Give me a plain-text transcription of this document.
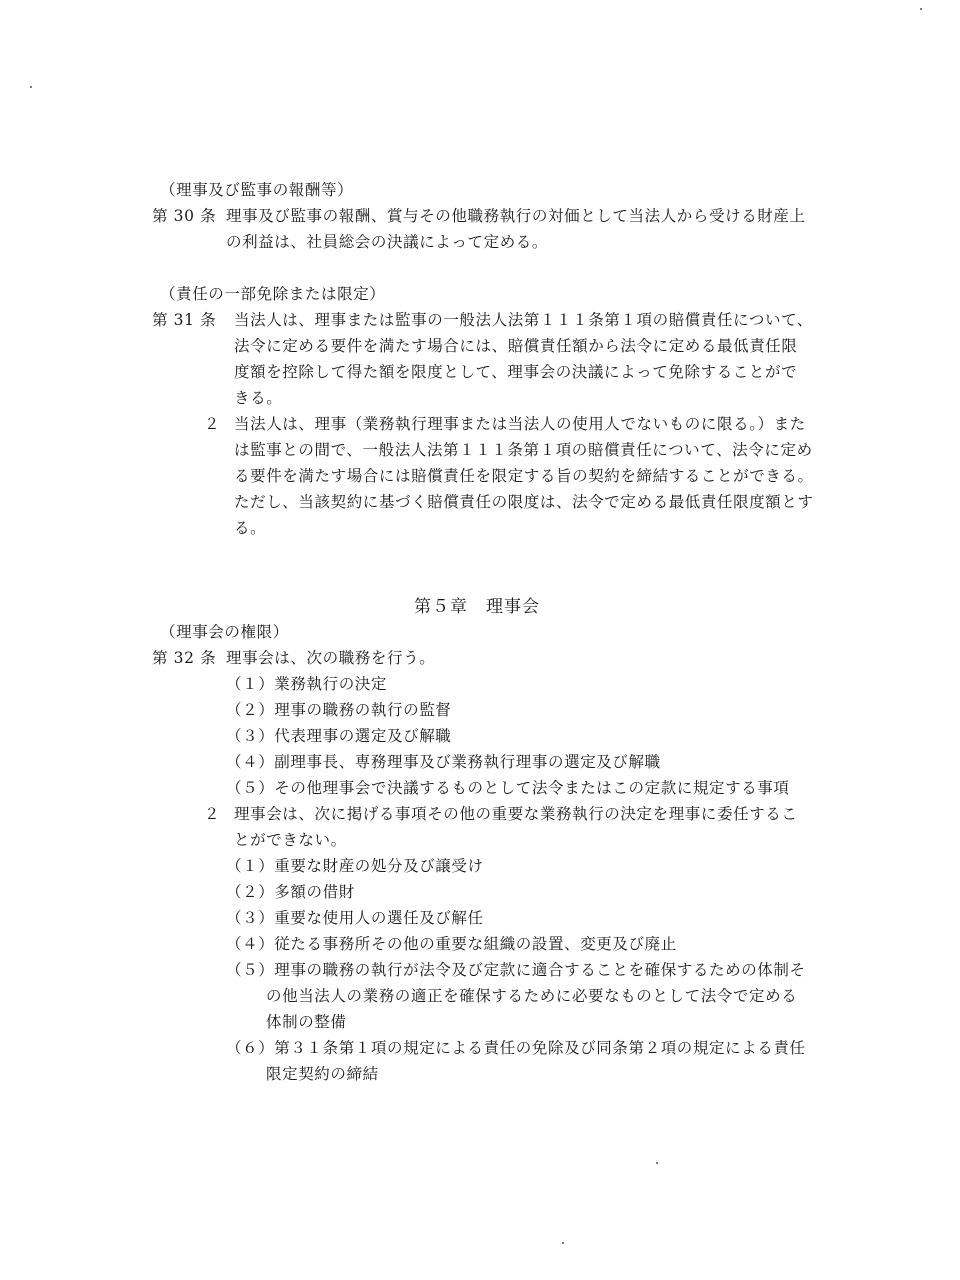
（理事及び監事の報酬等）
第 30 条 理事及び監事の報酬、賞与その他職務執行の対価として当法人から受ける財産上
の利益は、社員総会の決議によって定める。
（責任の一部免除または限定）
第 31 条 当法人は、理事または監事の一般法人法第１１１条第１項の賠償責任について、
法令に定める要件を満たす場合には、賠償責任額から法令に定める最低責任限
度額を控除して得た額を限度として、理事会の決議によって免除することがで
きる。
２ 当法人は、理事（業務執行理事または当法人の使用人でないものに限る。）また
は監事との間で、一般法人法第１１１条第１項の賠償責任について、法令に定め
る要件を満たす場合には賠償責任を限定する旨の契約を締結することができる。
ただし、当該契約に基づく賠償責任の限度は、法令で定める最低責任限度額とす
る。
第５章　理事会
（理事会の権限）
第 32 条 理事会は、次の職務を行う。
（１）業務執行の決定
（２）理事の職務の執行の監督
（３）代表理事の選定及び解職
（４）副理事長、専務理事及び業務執行理事の選定及び解職
（５）その他理事会で決議するものとして法令またはこの定款に規定する事項
２ 理事会は、次に掲げる事項その他の重要な業務執行の決定を理事に委任するこ
とができない。
（１）重要な財産の処分及び譲受け
（２）多額の借財
（３）重要な使用人の選任及び解任
（４）従たる事務所その他の重要な組織の設置、変更及び廃止
（５）理事の職務の執行が法令及び定款に適合することを確保するための体制そ
の他当法人の業務の適正を確保するために必要なものとして法令で定める
体制の整備
（６）第３１条第１項の規定による責任の免除及び同条第２項の規定による責任
限定契約の締結
